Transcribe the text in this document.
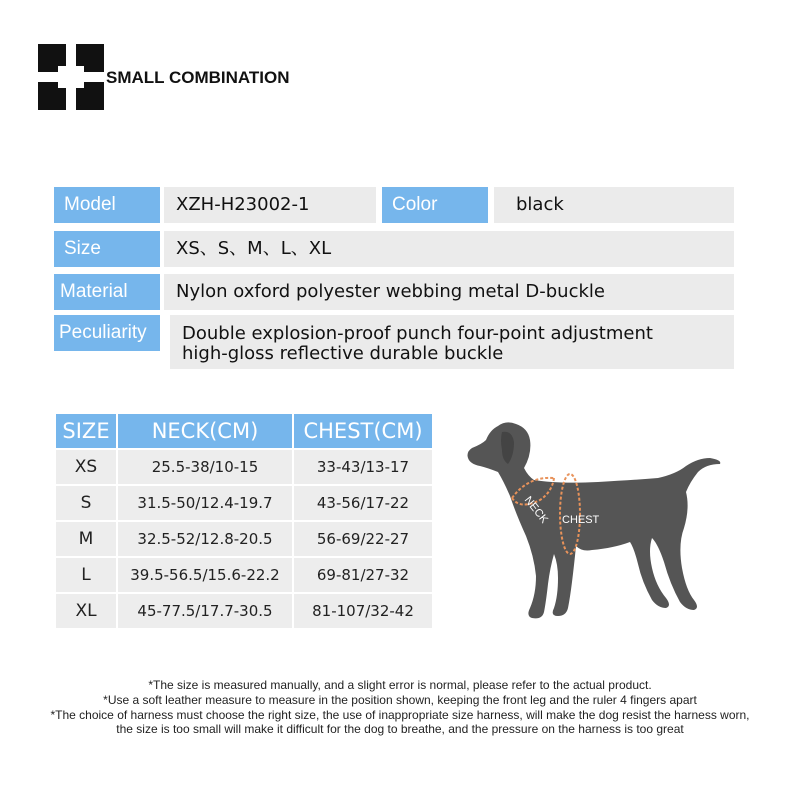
SMALL COMBINATION
Model	XZH-H23002-1	Color	black
Size	XS、S、M、L、XL
Material	Nylon oxford polyester webbing metal D-buckle
Peculiarity	Double explosion-proof punch four-point adjustment
high-gloss reflective durable buckle
SIZE	NECK(CM)	CHEST(CM)
XS	25.5-38/10-15	33-43/13-17
S	31.5-50/12.4-19.7	43-56/17-22
M	32.5-52/12.8-20.5	56-69/22-27
L	39.5-56.5/15.6-22.2	69-81/27-32
XL	45-77.5/17.7-30.5	81-107/32-42
NECK CHEST
*The size is measured manually, and a slight error is normal, please refer to the actual product.
*Use a soft leather measure to measure in the position shown, keeping the front leg and the ruler 4 fingers apart
*The choice of harness must choose the right size, the use of inappropriate size harness, will make the dog resist the harness worn,
the size is too small will make it difficult for the dog to breathe, and the pressure on the harness is too great
